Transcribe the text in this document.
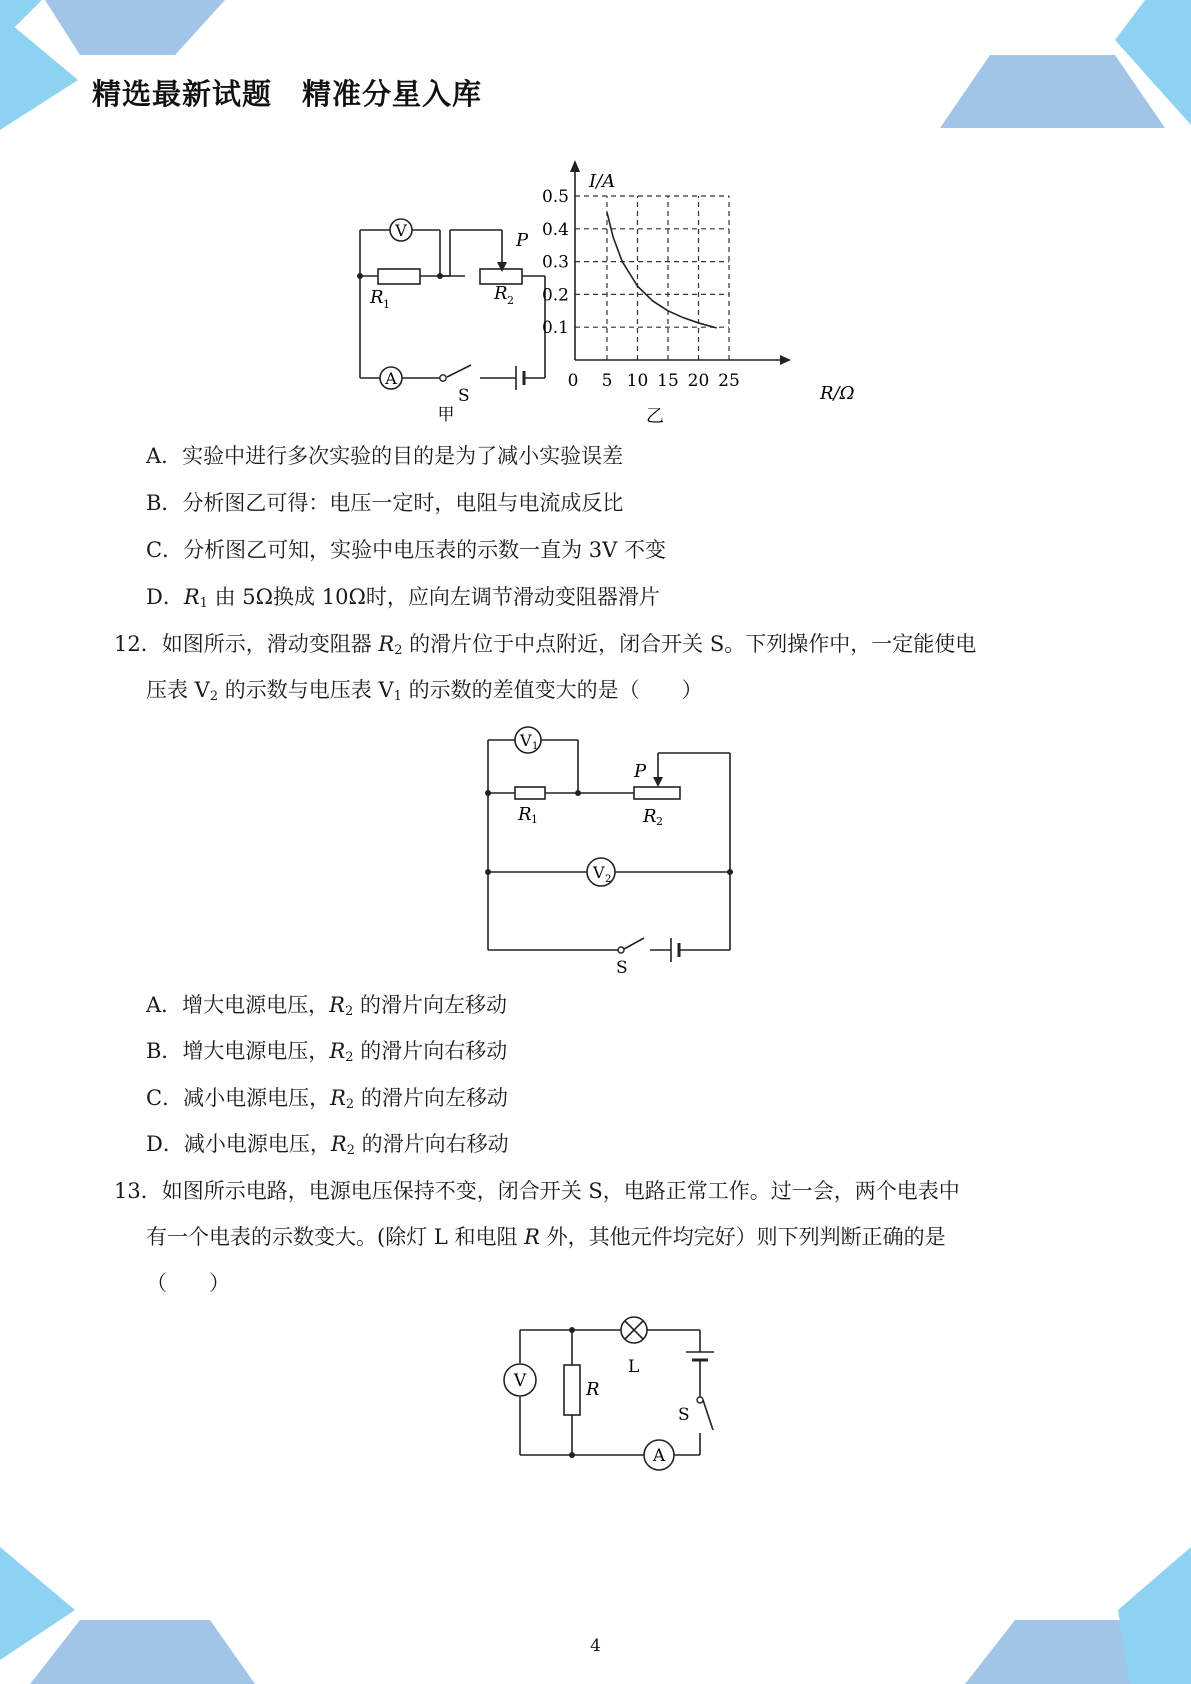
精选最新试题 精准分星入库
V
A
R 1
R 2
P
S
甲
0 5 10 15 20 25
0.1
0.2
0.3
0.4
0.5
I/A
R/Ω
乙
A．实验中进行多次实验的目的是为了减小实验误差
B．分析图乙可得：电压一定时，电阻与电流成反比
C．分析图乙可知，实验中电压表的示数一直为 3V 不变
D．$R_1$ 由 5Ω换成 10Ω时，应向左调节滑动变阻器滑片
12．如图所示，滑动变阻器 $R_2$ 的滑片位于中点附近，闭合开关 S。下列操作中，一定能使电
压表 $V_2$ 的示数与电压表 $V_1$ 的示数的差值变大的是（　　）
V 1
V 2
R 1	R 2
P
S
A．增大电源电压，$R_2$ 的滑片向左移动
B．增大电源电压，$R_2$ 的滑片向右移动
C．减小电源电压，$R_2$ 的滑片向左移动
D．减小电源电压，$R_2$ 的滑片向右移动
13．如图所示电路，电源电压保持不变，闭合开关 S，电路正常工作。过一会，两个电表中
有一个电表的示数变大。(除灯 L 和电阻 R 外，其他元件均完好）则下列判断正确的是
（　　）
V
A
R
L
S
4
